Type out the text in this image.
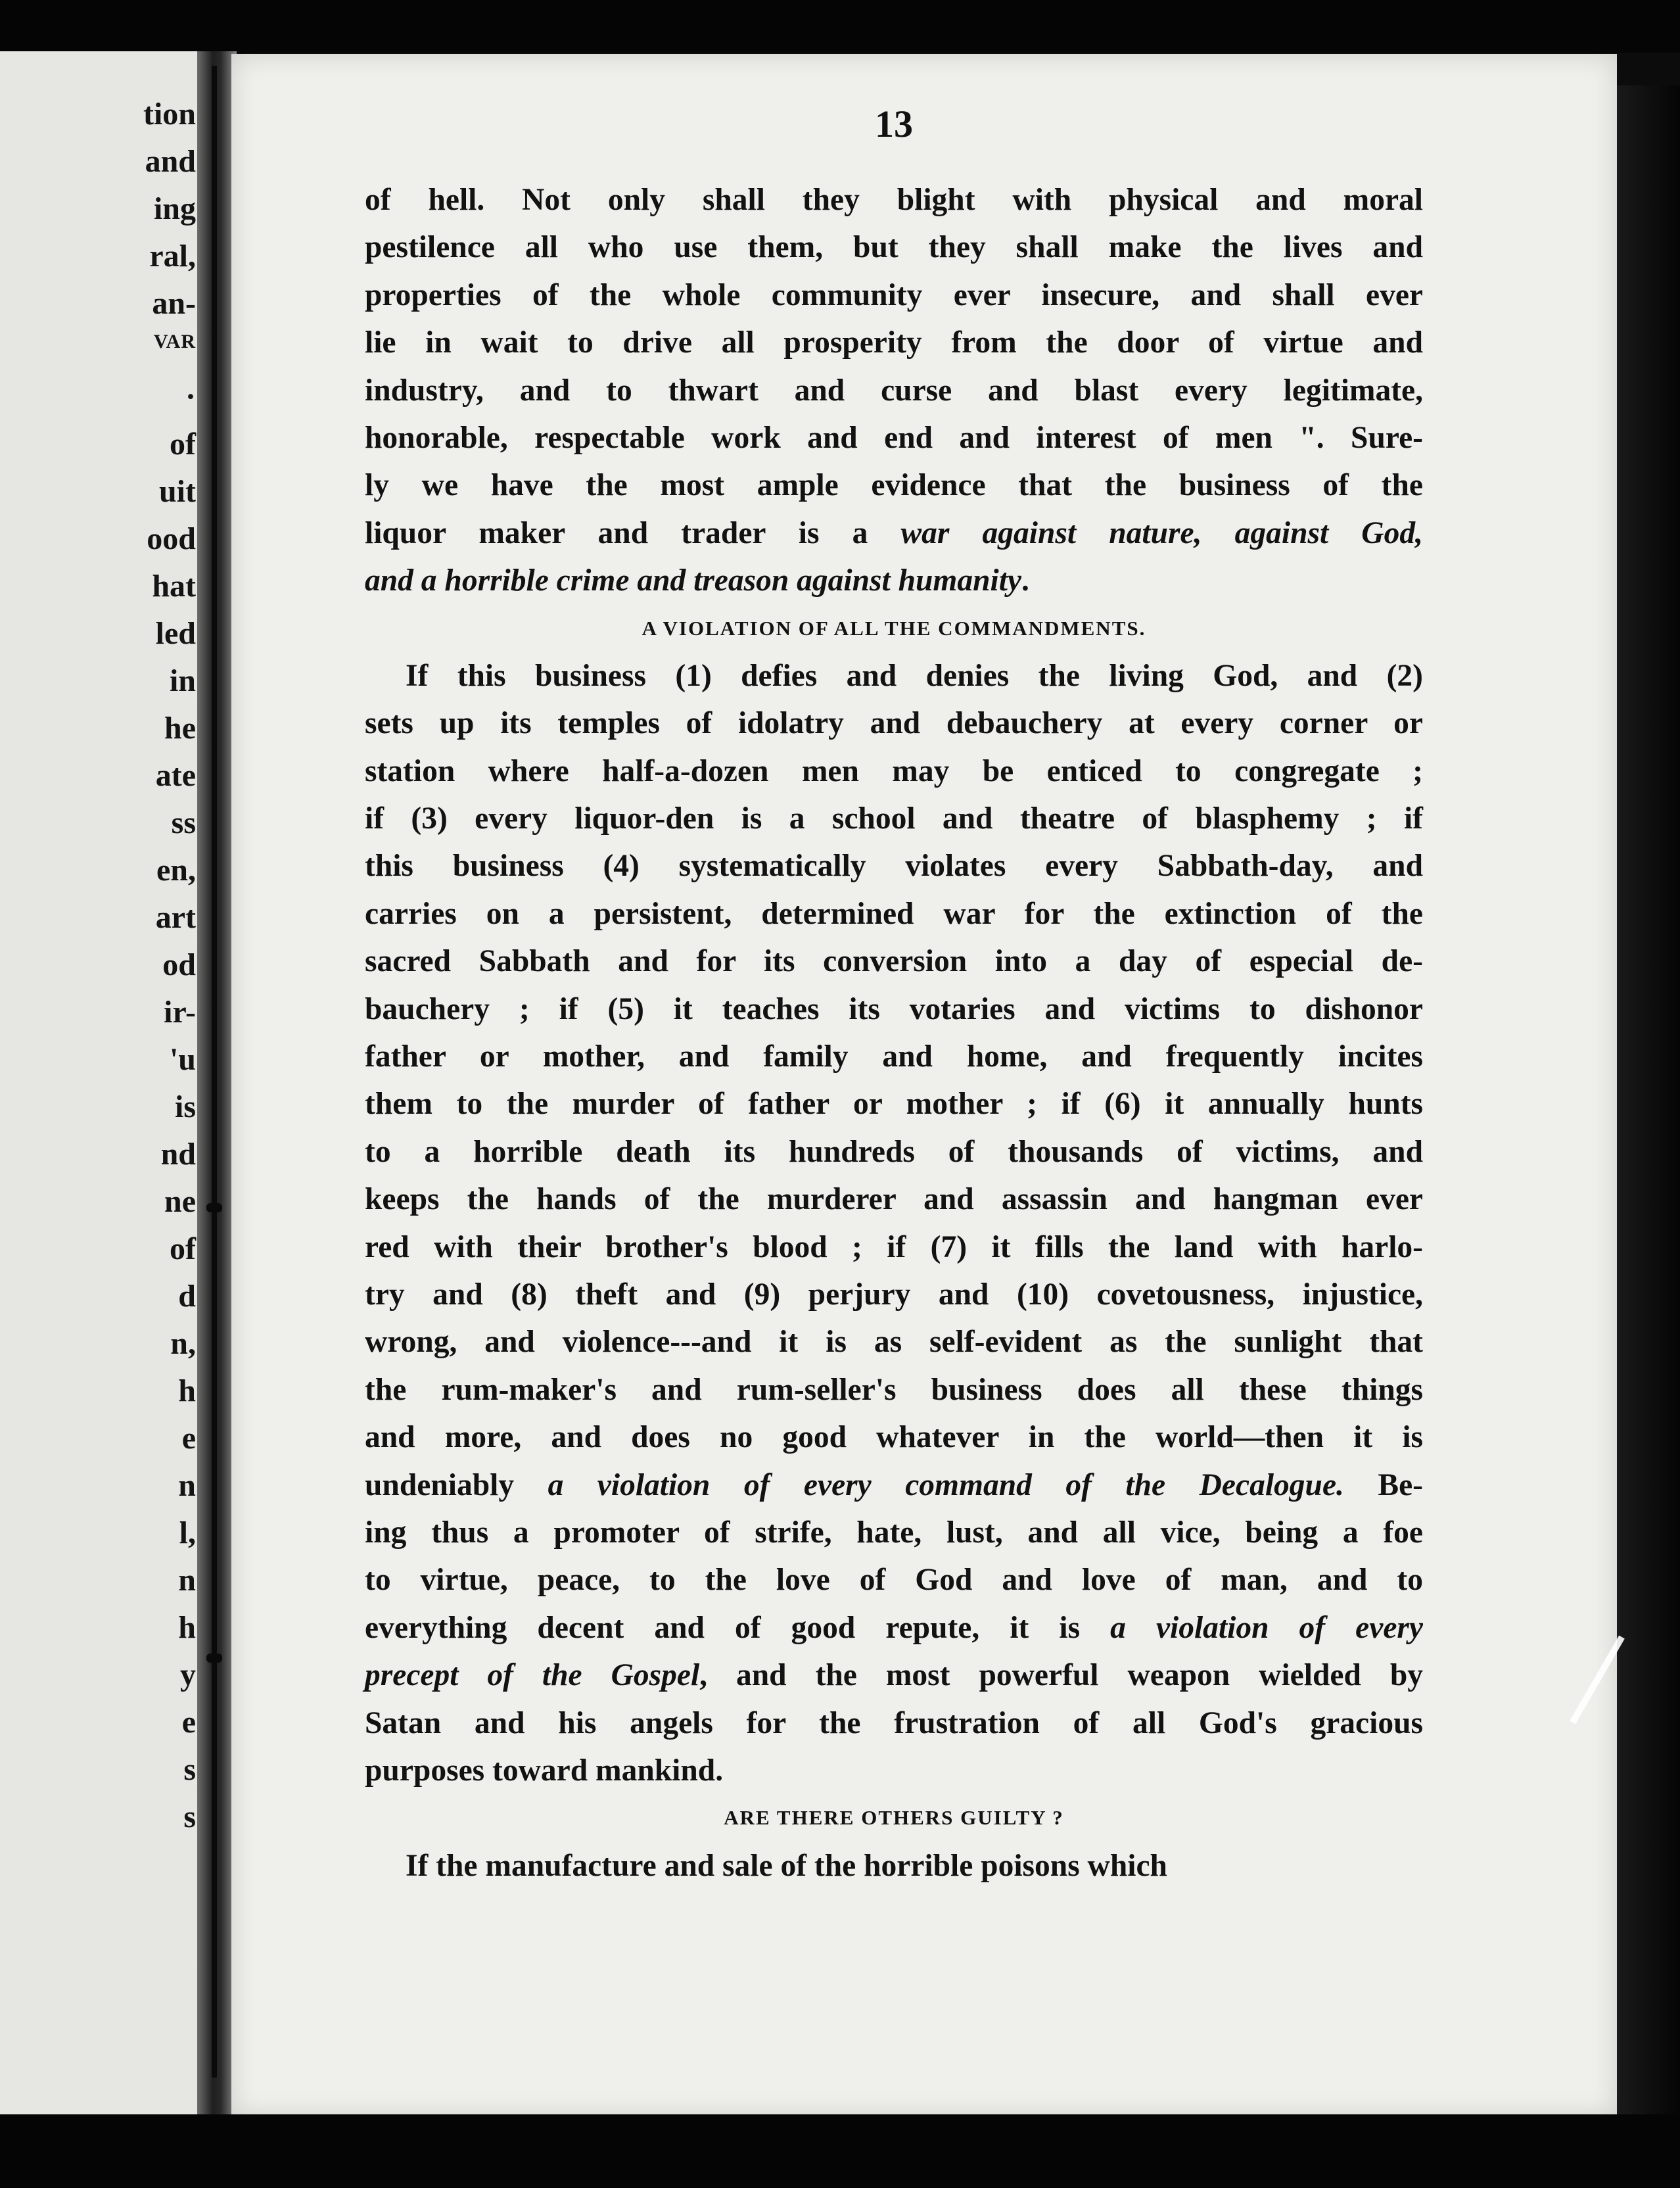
tion
and
ing
ral,
an-
VAR
·
of
uit
ood
hat
led
in
he
ate
ss
en,
art
od
ir-
'u
is
nd
ne
of
d
n,
h
e
n
l,
n
h
y
e
s
s
13
of hell. Not only shall they blight with physical and moral
pestilence all who use them, but they shall make the lives and
properties of the whole community ever insecure, and shall ever
lie in wait to drive all prosperity from the door of virtue and
industry, and to thwart and curse and blast every legitimate,
honorable, respectable work and end and interest of men ". Sure-
ly we have the most ample evidence that the business of the
liquor maker and trader is a war against nature, against God,
and a horrible crime and treason against humanity.
A VIOLATION OF ALL THE COMMANDMENTS.
If this business (1) defies and denies the living God, and (2)
sets up its temples of idolatry and debauchery at every corner or
station where half-a-dozen men may be enticed to congregate ;
if (3) every liquor-den is a school and theatre of blasphemy ; if
this business (4) systematically violates every Sabbath-day, and
carries on a persistent, determined war for the extinction of the
sacred Sabbath and for its conversion into a day of especial de-
bauchery ; if (5) it teaches its votaries and victims to dishonor
father or mother, and family and home, and frequently incites
them to the murder of father or mother ; if (6) it annually hunts
to a horrible death its hundreds of thousands of victims, and
keeps the hands of the murderer and assassin and hangman ever
red with their brother's blood ; if (7) it fills the land with harlo-
try and (8) theft and (9) perjury and (10) covetousness, injustice,
wrong, and violence---and it is as self-evident as the sunlight that
the rum-maker's and rum-seller's business does all these things
and more, and does no good whatever in the world—then it is
undeniably a violation of every command of the Decalogue. Be-
ing thus a promoter of strife, hate, lust, and all vice, being a foe
to virtue, peace, to the love of God and love of man, and to
everything decent and of good repute, it is a violation of every
precept of the Gospel, and the most powerful weapon wielded by
Satan and his angels for the frustration of all God's gracious
purposes toward mankind.
ARE THERE OTHERS GUILTY ?
If the manufacture and sale of the horrible poisons which
